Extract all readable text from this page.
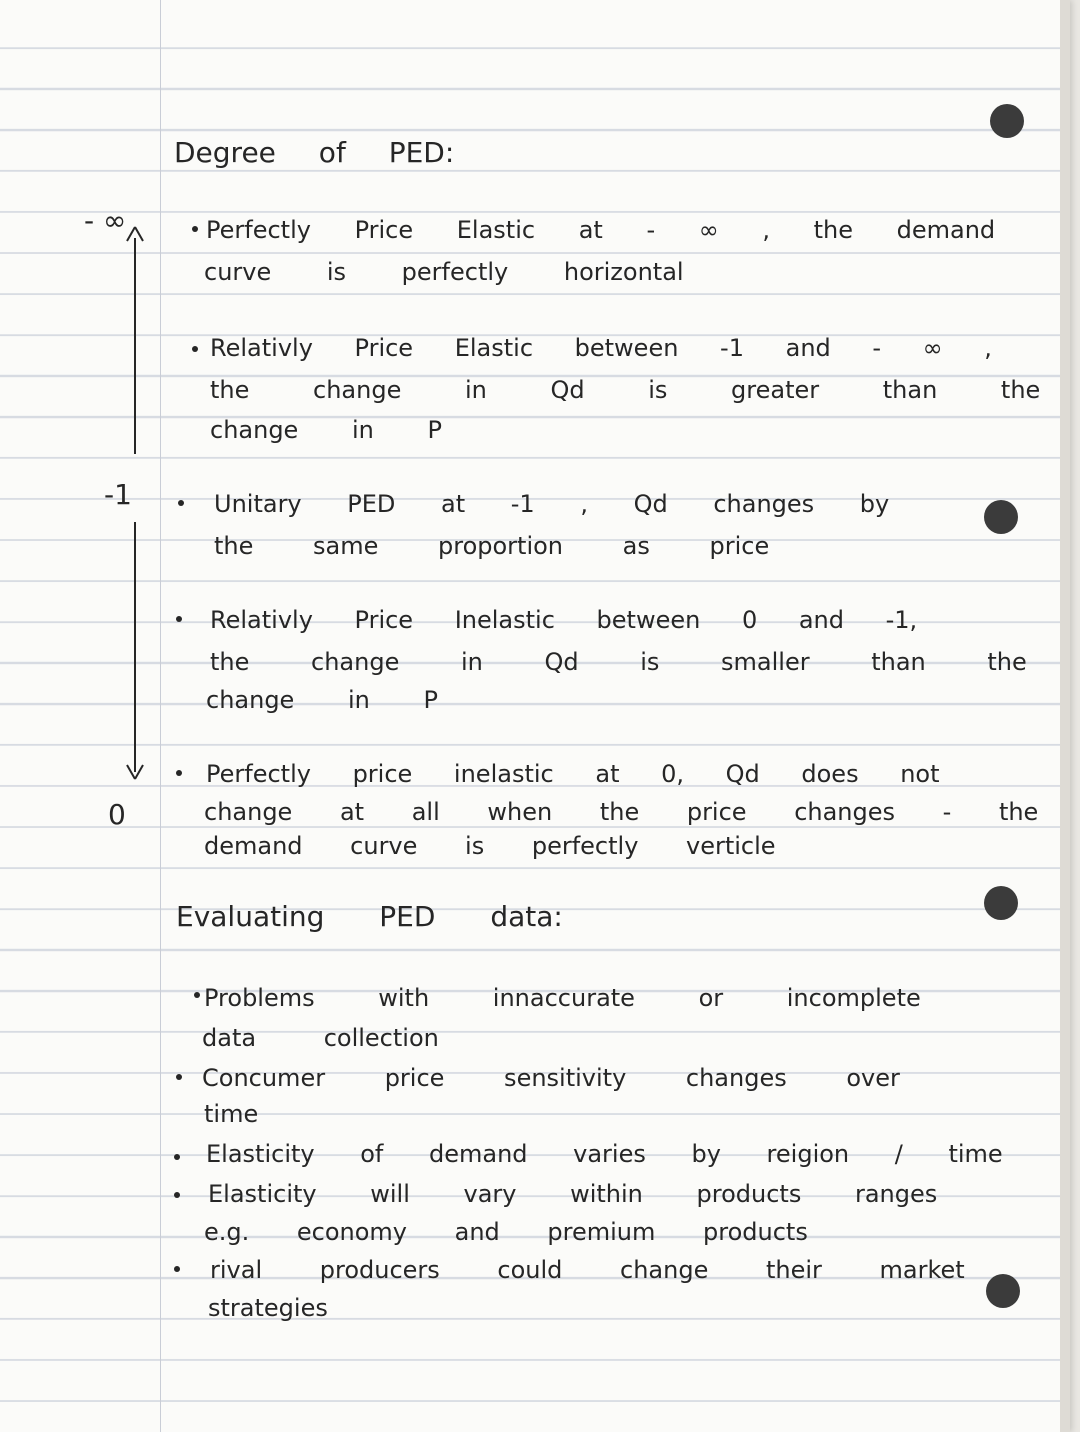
- ∞
-1
0
Degree of PED:
Perfectly Price Elastic at - ∞ , the demand
curve is perfectly horizontal
Relativly Price Elastic between -1 and - ∞ ,
the change in Qd is greater than the
change in P
Unitary PED at -1 , Qd changes by
the same proportion as price
Relativly Price Inelastic between 0 and -1,
the change in Qd is smaller than the
change in P
Perfectly price inelastic at 0, Qd does not
change at all when the price changes - the
demand curve is perfectly verticle
Evaluating PED data:
Problems with innaccurate or incomplete
data collection
Concumer price sensitivity changes over
time
Elasticity of demand varies by reigion / time
Elasticity will vary within products ranges
e.g. economy and premium products
rival producers could change their market
strategies
